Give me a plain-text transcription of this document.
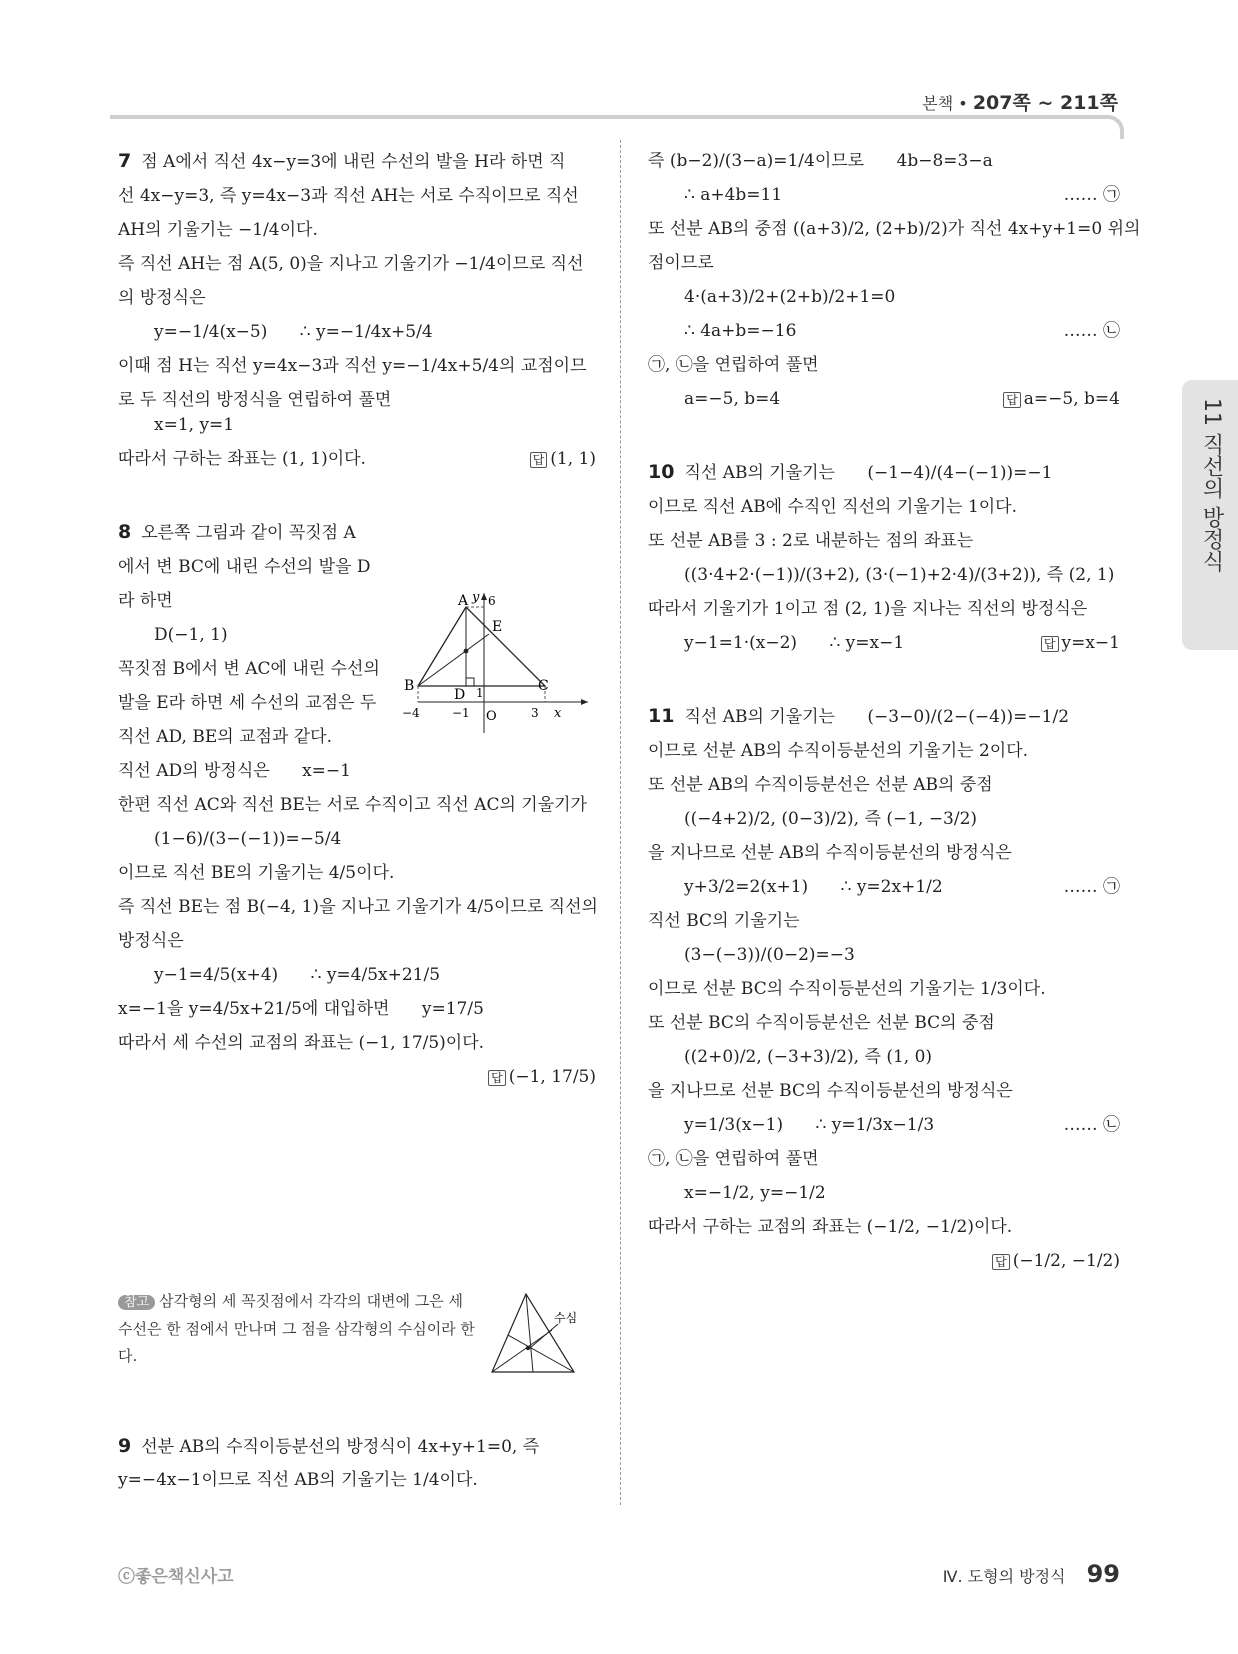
본책 • 207쪽 ~ 211쪽
11 직선의 방정식
7 점 A에서 직선 4x−y=3에 내린 수선의 발을 H라 하면 직
선 4x−y=3, 즉 y=4x−3과 직선 AH는 서로 수직이므로 직선
AH의 기울기는 −1/4이다.
즉 직선 AH는 점 A(5, 0)을 지나고 기울기가 −1/4이므로 직선
의 방정식은
y=−1/4(x−5)      ∴ y=−1/4x+5/4
이때 점 H는 직선 y=4x−3과 직선 y=−1/4x+5/4의 교점이므
로 두 직선의 방정식을 연립하여 풀면
x=1, y=1
따라서 구하는 좌표는 (1, 1)이다.	답 (1, 1)
8 오른쪽 그림과 같이 꼭짓점 A
에서 변 BC에 내린 수선의 발을 D
라 하면
D(−1, 1)
꼭짓점 B에서 변 AC에 내린 수선의
발을 E라 하면 세 수선의 교점은 두
직선 AD, BE의 교점과 같다.
직선 AD의 방정식은      x=−1
한편 직선 AC와 직선 BE는 서로 수직이고 직선 AC의 기울기가
(1−6)/(3−(−1))=−5/4
이므로 직선 BE의 기울기는 4/5이다.
즉 직선 BE는 점 B(−4, 1)을 지나고 기울기가 4/5이므로 직선의
방정식은
y−1=4/5(x+4)      ∴ y=4/5x+21/5
x=−1을 y=4/5x+21/5에 대입하면      y=17/5
따라서 세 수선의 교점의 좌표는 (−1, 17/5)이다.
답 (−1, 17/5)
A
B	C
D
E
O	x
y 6
1
−4	−1	3
참고 삼각형의 세 꼭짓점에서 각각의 대변에 그은 세 수선은 한 점에서 만나며 그 점을 삼각형의 수심이라 한다.
수심
9 선분 AB의 수직이등분선의 방정식이 4x+y+1=0, 즉
y=−4x−1이므로 직선 AB의 기울기는 1/4이다.
즉 (b−2)/(3−a)=1/4이므로      4b−8=3−a
∴ a+4b=11	…… ㉠
또 선분 AB의 중점 ((a+3)/2, (2+b)/2)가 직선 4x+y+1=0 위의
점이므로
4·(a+3)/2+(2+b)/2+1=0
∴ 4a+b=−16	…… ㉡
㉠, ㉡을 연립하여 풀면
a=−5, b=4	답 a=−5, b=4
10 직선 AB의 기울기는      (−1−4)/(4−(−1))=−1
이므로 직선 AB에 수직인 직선의 기울기는 1이다.
또 선분 AB를 3 : 2로 내분하는 점의 좌표는
((3·4+2·(−1))/(3+2), (3·(−1)+2·4)/(3+2)), 즉 (2, 1)
따라서 기울기가 1이고 점 (2, 1)을 지나는 직선의 방정식은
y−1=1·(x−2)      ∴ y=x−1	답 y=x−1
11 직선 AB의 기울기는      (−3−0)/(2−(−4))=−1/2
이므로 선분 AB의 수직이등분선의 기울기는 2이다.
또 선분 AB의 수직이등분선은 선분 AB의 중점
((−4+2)/2, (0−3)/2), 즉 (−1, −3/2)
을 지나므로 선분 AB의 수직이등분선의 방정식은
y+3/2=2(x+1)      ∴ y=2x+1/2	…… ㉠
직선 BC의 기울기는
(3−(−3))/(0−2)=−3
이므로 선분 BC의 수직이등분선의 기울기는 1/3이다.
또 선분 BC의 수직이등분선은 선분 BC의 중점
((2+0)/2, (−3+3)/2), 즉 (1, 0)
을 지나므로 선분 BC의 수직이등분선의 방정식은
y=1/3(x−1)      ∴ y=1/3x−1/3	…… ㉡
㉠, ㉡을 연립하여 풀면
x=−1/2, y=−1/2
따라서 구하는 교점의 좌표는 (−1/2, −1/2)이다.
답 (−1/2, −1/2)
ⓒ좋은책신사고	Ⅳ. 도형의 방정식 99
